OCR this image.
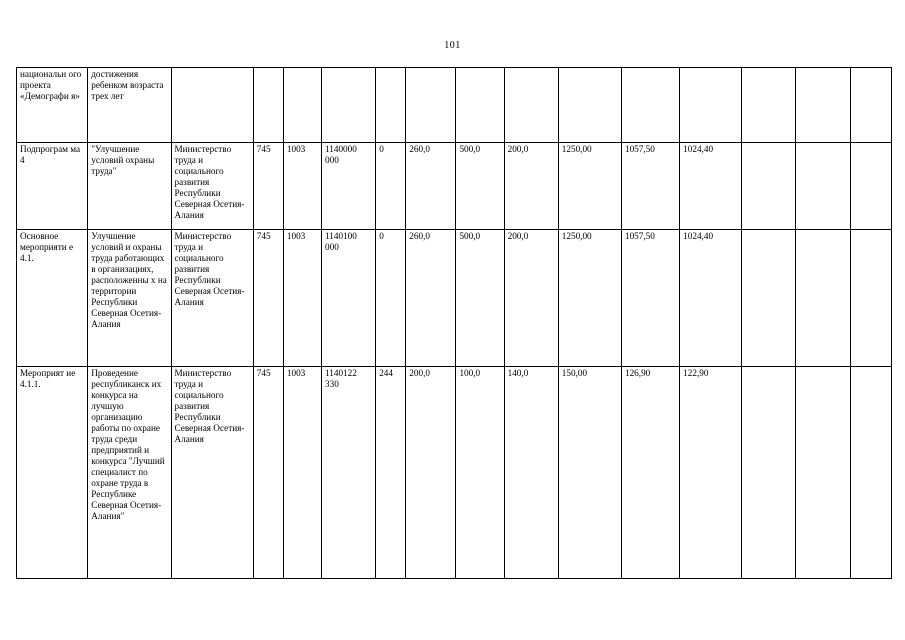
101
национальн ого проекта «Демографи я»	достижения ребенком возраста трех лет														
Подпрограм ма 4	"Улучшение условий охраны труда"	Министерство труда и социального развития Республики Северная Осетия-Алания	745	1003	1140000 000	0	260,0	500,0	200,0	1250,00	1057,50	1024,40			
Основное мероприяти е 4.1.	Улучшение условий и охраны труда работающих в организациях, расположенны х на территории Республики Северная Осетия-Алания	Министерство труда и социального развития Республики Северная Осетия-Алания	745	1003	1140100 000	0	260,0	500,0	200,0	1250,00	1057,50	1024,40			
Мероприят ие 4.1.1.	Проведение республиканск их конкурса на лучшую организацию работы по охране труда среди предприятий и конкурса "Лучший специалист по охране труда в Республике Северная Осетия-Алания"	Министерство труда и социального развития Республики Северная Осетия-Алания	745	1003	1140122 330	244	200,0	100,0	140,0	150,00	126,90	122,90			
